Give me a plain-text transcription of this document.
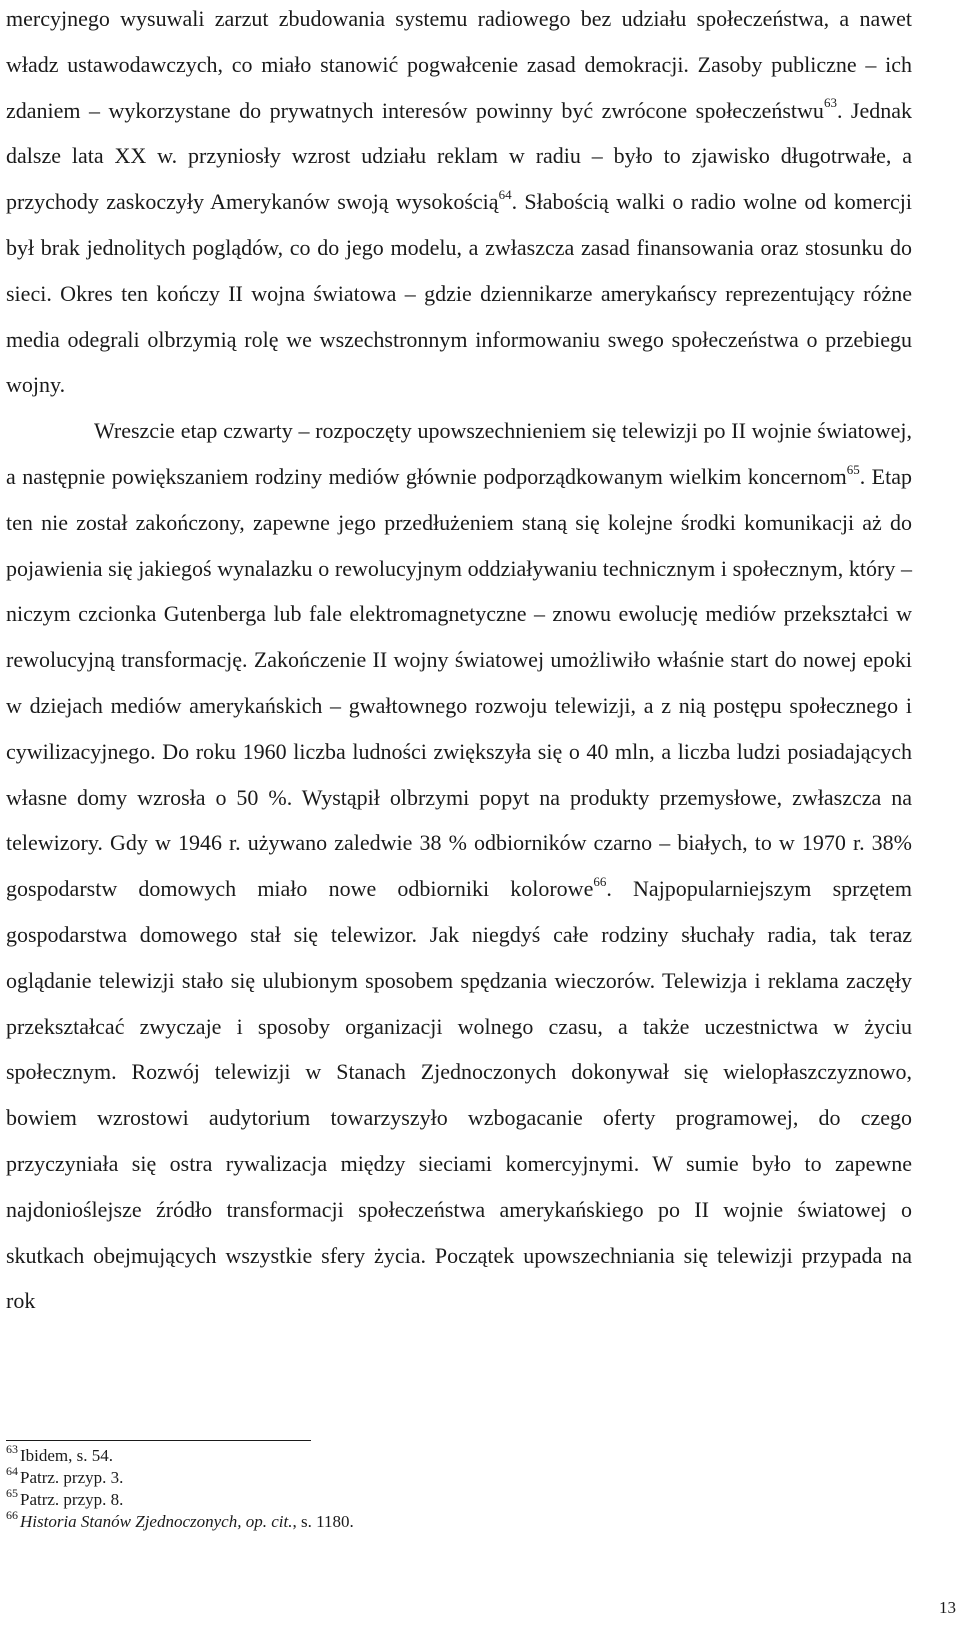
mercyjnego wysuwali zarzut zbudowania systemu radiowego bez udziału społeczeństwa, a nawet władz ustawodawczych, co miało stanowić pogwałcenie zasad demokracji. Zasoby publiczne – ich zdaniem – wykorzystane do prywatnych interesów powinny być zwrócone społeczeństwu$^{63}$. Jednak dalsze lata XX w. przyniosły wzrost udziału reklam w radiu – było to zjawisko długotrwałe, a przychody zaskoczyły Amerykanów swoją wysokością$^{64}$. Słabością walki o radio wolne od komercji był brak jednolitych poglądów, co do jego modelu, a zwłaszcza zasad finansowania oraz stosunku do sieci. Okres ten kończy II wojna światowa – gdzie dziennikarze amerykańscy reprezentujący różne media odegrali olbrzymią rolę we wszechstronnym informowaniu swego społeczeństwa o przebiegu wojny.

Wreszcie etap czwarty – rozpoczęty upowszechnieniem się telewizji po II wojnie światowej, a następnie powiększaniem rodziny mediów głównie podporządkowanym wielkim koncernom$^{65}$. Etap ten nie został zakończony, zapewne jego przedłużeniem staną się kolejne środki komunikacji aż do pojawienia się jakiegoś wynalazku o rewolucyjnym oddziaływaniu technicznym i społecznym, który – niczym czcionka Gutenberga lub fale elektromagnetyczne – znowu ewolucję mediów przekształci w rewolucyjną transformację. Zakończenie II wojny światowej umożliwiło właśnie start do nowej epoki w dziejach mediów amerykańskich – gwałtownego rozwoju telewizji, a z nią postępu społecznego i cywilizacyjnego. Do roku 1960 liczba ludności zwiększyła się o 40 mln, a liczba ludzi posiadających własne domy wzrosła o 50 %. Wystąpił olbrzymi popyt na produkty przemysłowe, zwłaszcza na telewizory. Gdy w 1946 r. używano zaledwie 38 % odbiorników czarno – białych, to w 1970 r. 38% gospodarstw domowych miało nowe odbiorniki kolorowe$^{66}$. Najpopularniejszym sprzętem gospodarstwa domowego stał się telewizor. Jak niegdyś całe rodziny słuchały radia, tak teraz oglądanie telewizji stało się ulubionym sposobem spędzania wieczorów. Telewizja i reklama zaczęły przekształcać zwyczaje i sposoby organizacji wolnego czasu, a także uczestnictwa w życiu społecznym. Rozwój telewizji w Stanach Zjednoczonych dokonywał się wielopłaszczyznowo, bowiem wzrostowi audytorium towarzyszyło wzbogacanie oferty programowej, do czego przyczyniała się ostra rywalizacja między sieciami komercyjnymi. W sumie było to zapewne najdonioślejsze źródło transformacji społeczeństwa amerykańskiego po II wojnie światowej o skutkach obejmujących wszystkie sfery życia. Początek upowszechniania się telewizji przypada na rok

$^{63}$ Ibidem, s. 54.

$^{64}$ Patrz. przyp. 3.

$^{65}$ Patrz. przyp. 8.

$^{66}$ Historia Stanów Zjednoczonych, op. cit., s. 1180.

13
